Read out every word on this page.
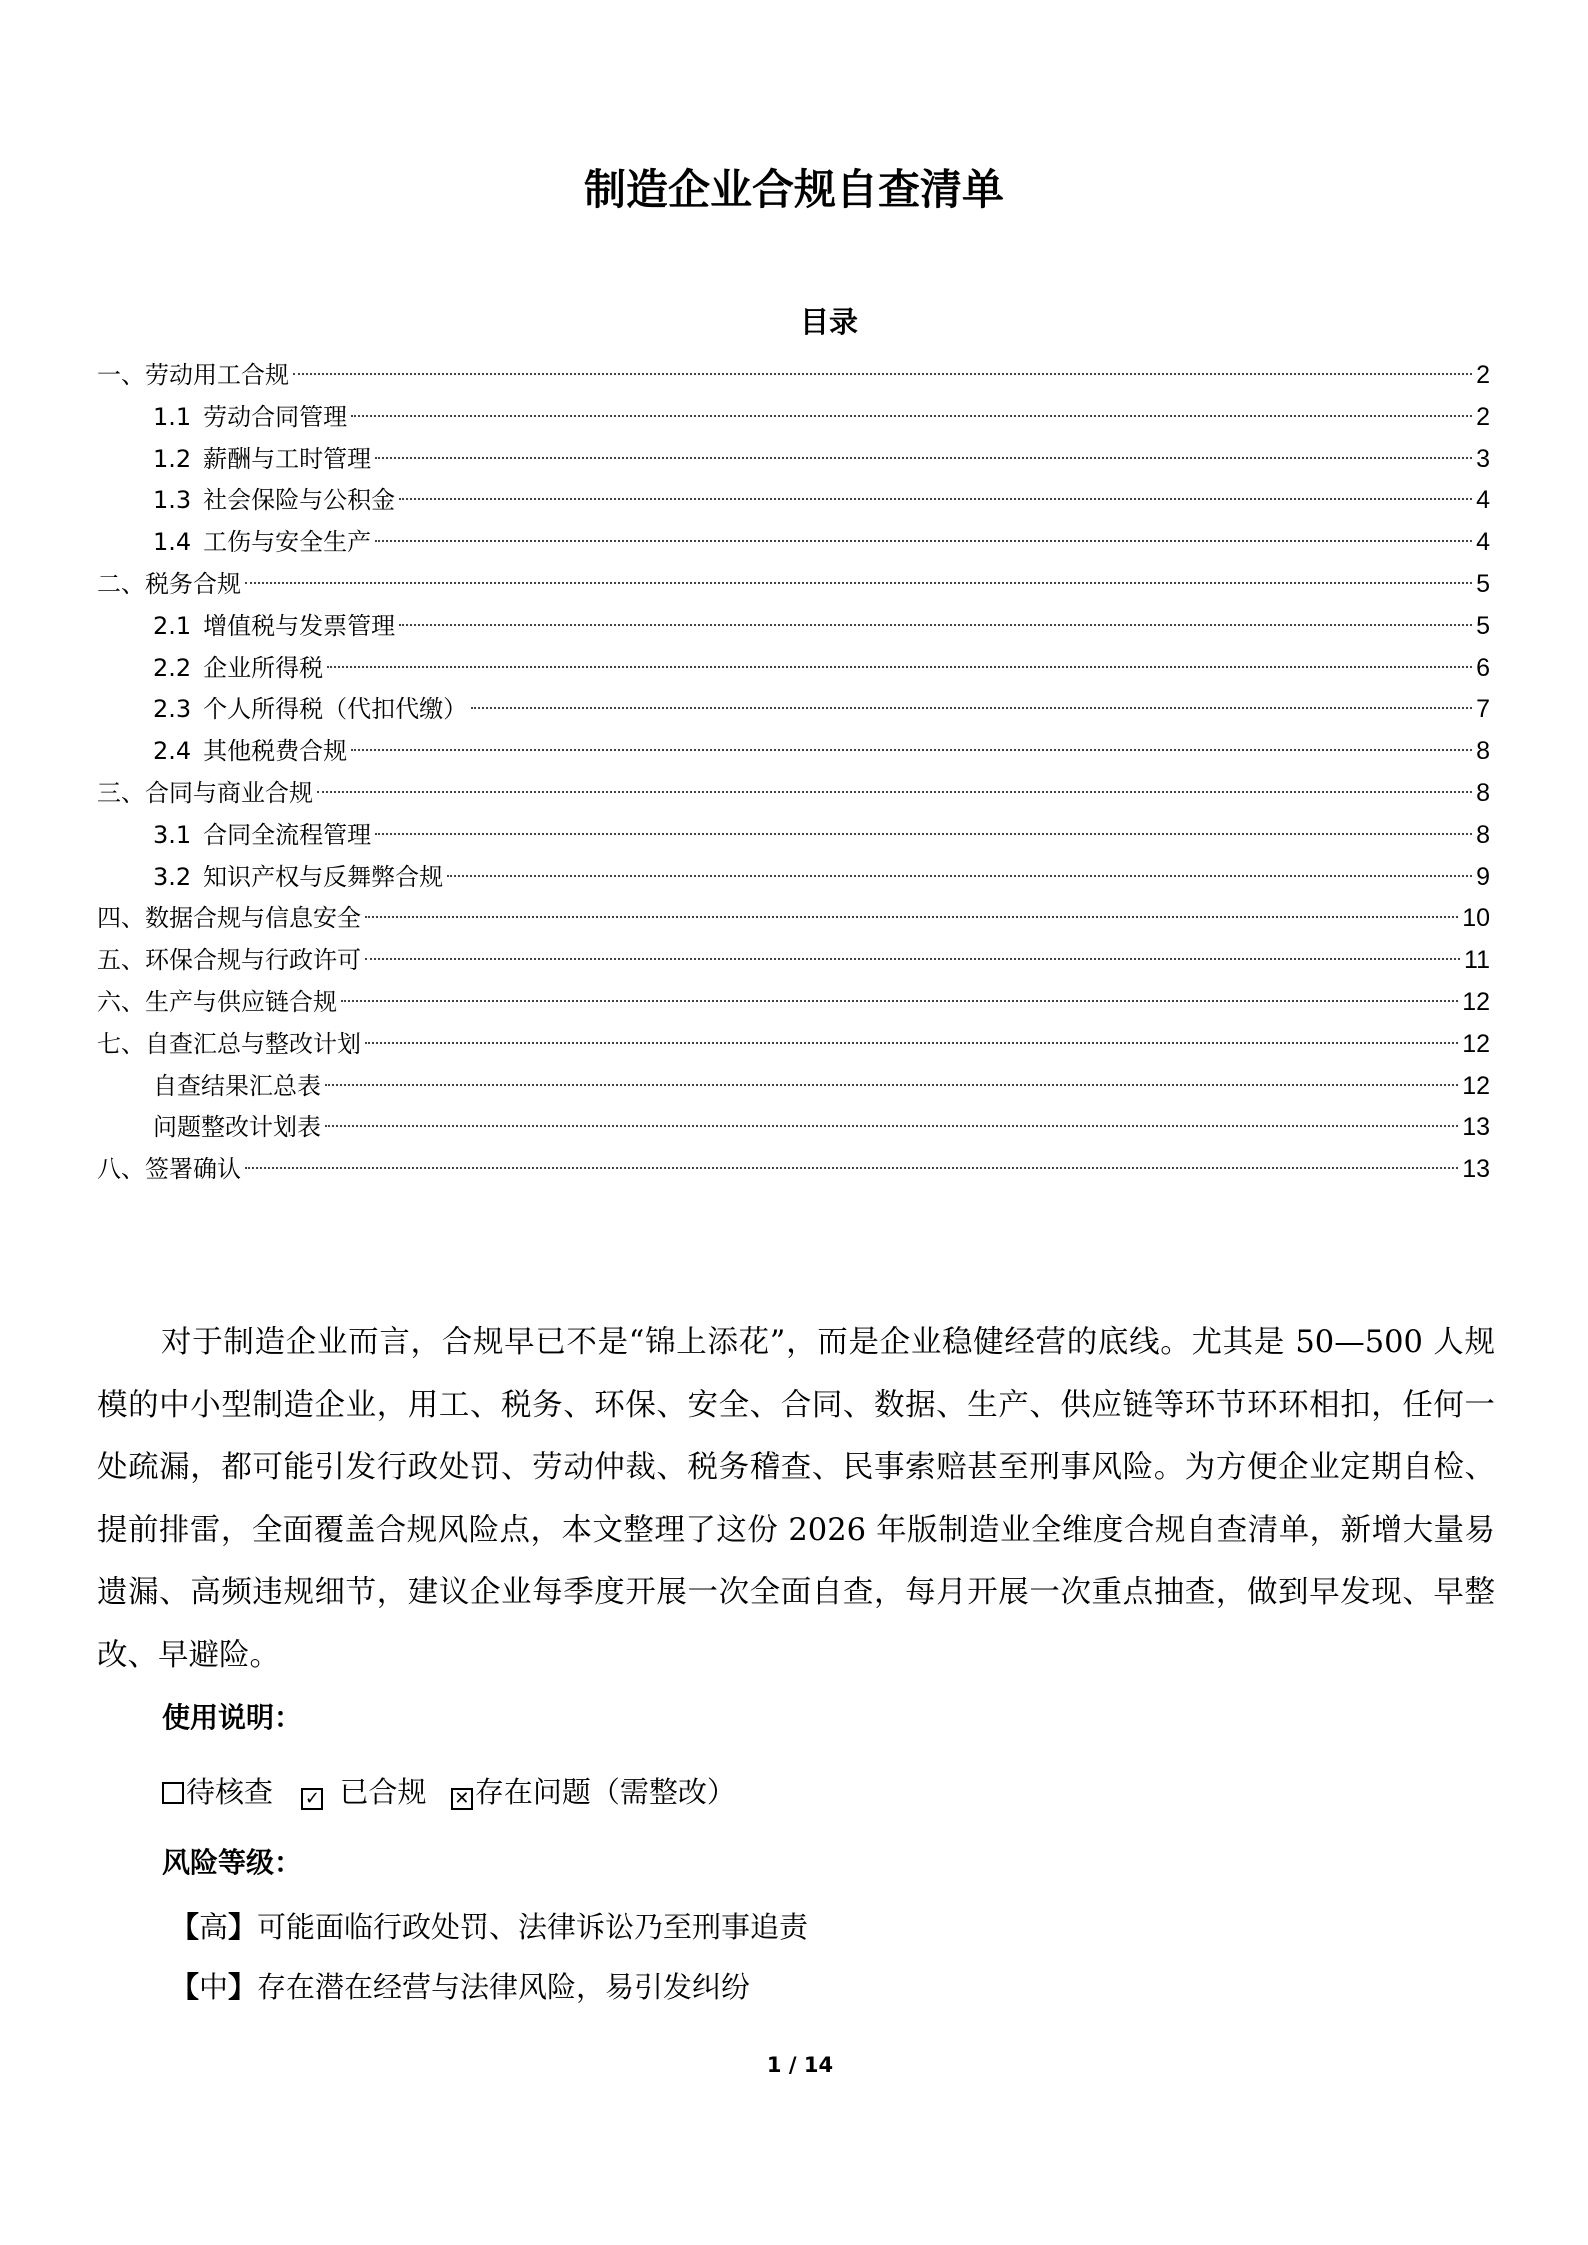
制造企业合规自查清单
目录
一、劳动用工合规	2
1.1 劳动合同管理	2
1.2 薪酬与工时管理	3
1.3 社会保险与公积金	4
1.4 工伤与安全生产	4
二、税务合规	5
2.1 增值税与发票管理	5
2.2 企业所得税	6
2.3 个人所得税（代扣代缴）	7
2.4 其他税费合规	8
三、合同与商业合规	8
3.1 合同全流程管理	8
3.2 知识产权与反舞弊合规	9
四、数据合规与信息安全	10
五、环保合规与行政许可	11
六、生产与供应链合规	12
七、自查汇总与整改计划	12
自查结果汇总表	12
问题整改计划表	13
八、签署确认	13
对于制造企业而言，合规早已不是“锦上添花”，而是企业稳健经营的底线。尤其是 50—500 人规模的中小型制造企业，用工、税务、环保、安全、合同、数据、生产、供应链等环节环环相扣，任何一处疏漏，都可能引发行政处罚、劳动仲裁、税务稽查、民事索赔甚至刑事风险。为方便企业定期自检、提前排雷，全面覆盖合规风险点，本文整理了这份 2026 年版制造业全维度合规自查清单，新增大量易遗漏、高频违规细节，建议企业每季度开展一次全面自查，每月开展一次重点抽查，做到早发现、早整改、早避险。
使用说明：
待核查 ✓ 已合规 ✕ 存在问题（需整改）
风险等级：
【高】可能面临行政处罚、法律诉讼乃至刑事追责
【中】存在潜在经营与法律风险，易引发纠纷
1 / 14
